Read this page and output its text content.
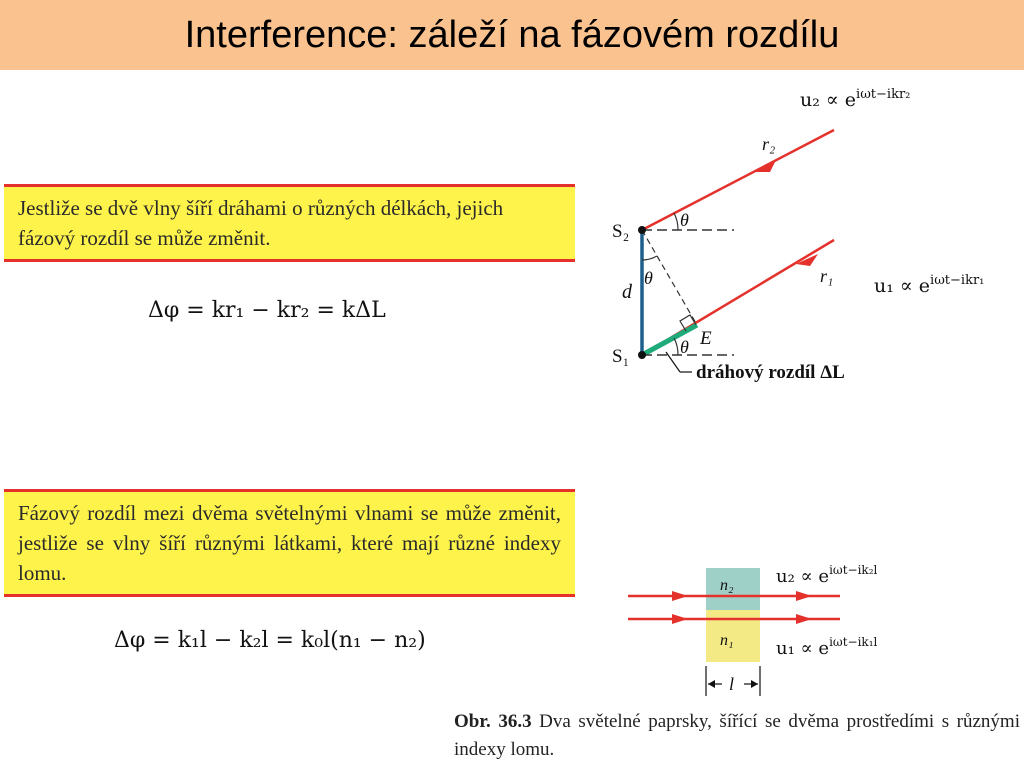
Interference: záleží na fázovém rozdílu
Jestliže se dvě vlny šíří dráhami o různých délkách, jejich fázový rozdíl se může změnit.
Δφ = kr₁ − kr₂ = kΔL
$u_2 \propto e^{i\omega t-ikr_2}$
$u_1 \propto e^{i\omega t-ikr_1}$
r₂
r₁
d
θ
θ
θ E
S₂
S₁
dráhový rozdíl ΔL
Fázový rozdíl mezi dvěma světelnými vlnami se může změnit, jestliže se vlny šíří různými látkami, které mají různé indexy lomu.
Δφ = k₁l − k₂l = k₀l(n₁ − n₂)
n₂
n₁
$u_2 \propto e^{i\omega t-ik_2l}$
$u_1 \propto e^{i\omega t-ik_1l}$
l
Obr. 36.3 Dva světelné paprsky, šířící se dvěma prostředími s různými indexy lomu.
